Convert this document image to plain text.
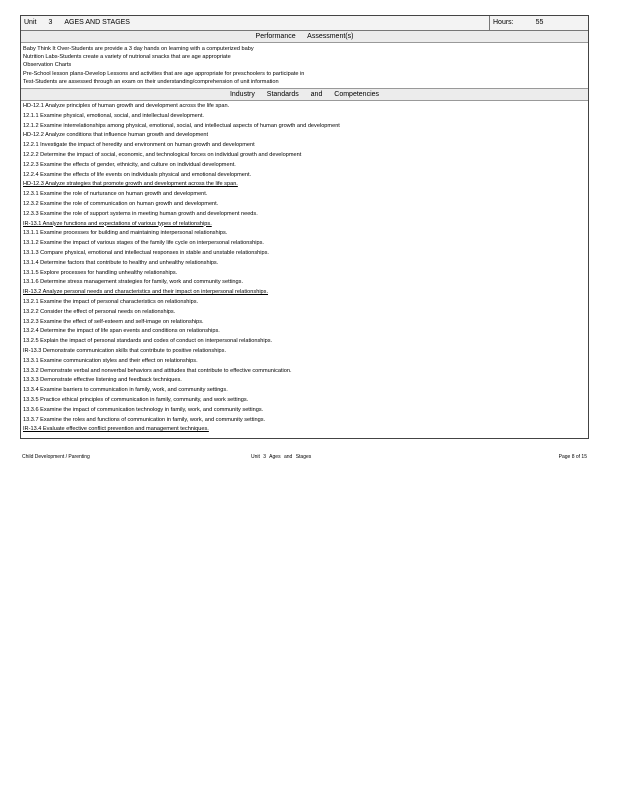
Unit 3 AGES AND STAGES	Hours:	55
Performance Assessment(s)
Baby Think It Over-Students are provide a 3 day hands on learning with a computerized baby
Nutrition Labs-Students create a variety of nutrional snacks that are age appropriate
Observation Charts
Pre-School lesson plans-Develop Lessons and activities that are age appropriate for preschoolers to participate in
Test-Students are assessed through an exam on their understanding/comprehension of unit information
Industry Standards and Competencies
HD-12.1 Analyze principles of human growth and development across the life span.
12.1.1 Examine physical, emotional, social, and intellectual development.
12.1.2 Examine interrelationships among physical, emotional, social, and intellectual aspects of human growth and development
HD-12.2 Analyze conditions that influence human growth and development
12.2.1 Investigate the impact of heredity and environment on human growth and development
12.2.2 Determine the impact of social, economic, and technological forces on individual growth and development
12.2.3 Examine the effects of gender, ethnicity, and culture on individual development.
12.2.4 Examine the effects of life events on individuals physical and emotional development.
HD-12.3 Analyze strategies that promote growth and development across the life span.
12.3.1 Examine the role of nurturance on human growth and development.
12.3.2 Examine the role of communication on human growth and development.
12.3.3 Examine the role of support systems in meeting human growth and development needs.
IR-13.1 Analyze functions and expectations of various types of relationships.
13.1.1 Examine processes for building and maintaining interpersonal relationships.
13.1.2 Examine the impact of various stages of the family life cycle on interpersonal relationships.
13.1.3 Compare physical, emotional and intellectual responses in stable and unstable relationships.
13.1.4 Determine factors that contribute to healthy and unhealthy relationships.
13.1.5 Explore processes for handling unhealthy relationships.
13.1.6 Determine stress management strategies for family, work and community settings.
IR-13.2 Analyze personal needs and characteristics and their impact on interpersonal relationships.
13.2.1 Examine the impact of personal characteristics on relationships.
13.2.2 Consider the effect of personal needs on relationships.
13.2.3 Examine the effect of self-esteem and self-image on relationships.
13.2.4 Determine the impact of life span events and conditions on relationships.
13.2.5 Explain the impact of personal standards and codes of conduct on interpersonal relationships.
IR-13.3 Demonstrate communication skills that contribute to positive relationships.
13.3.1 Examine communication styles and their effect on relationships.
13.3.2 Demonstrate verbal and nonverbal behaviors and attitudes that contribute to effective communication.
13.3.3 Demonstrate effective listening and feedback techniques.
13.3.4 Examine barriers to communication in family, work, and community settings.
13.3.5 Practice ethical principles of communication in family, community, and work settings.
13.3.6 Examine the impact of communication technology in family, work, and community settings.
13.3.7 Examine the roles and functions of communication in family, work, and community settings.
IR-13.4 Evaluate effective conflict prevention and management techniques.
Child Development / Parenting	Unit 3 Ages and Stages	Page 8 of 15
